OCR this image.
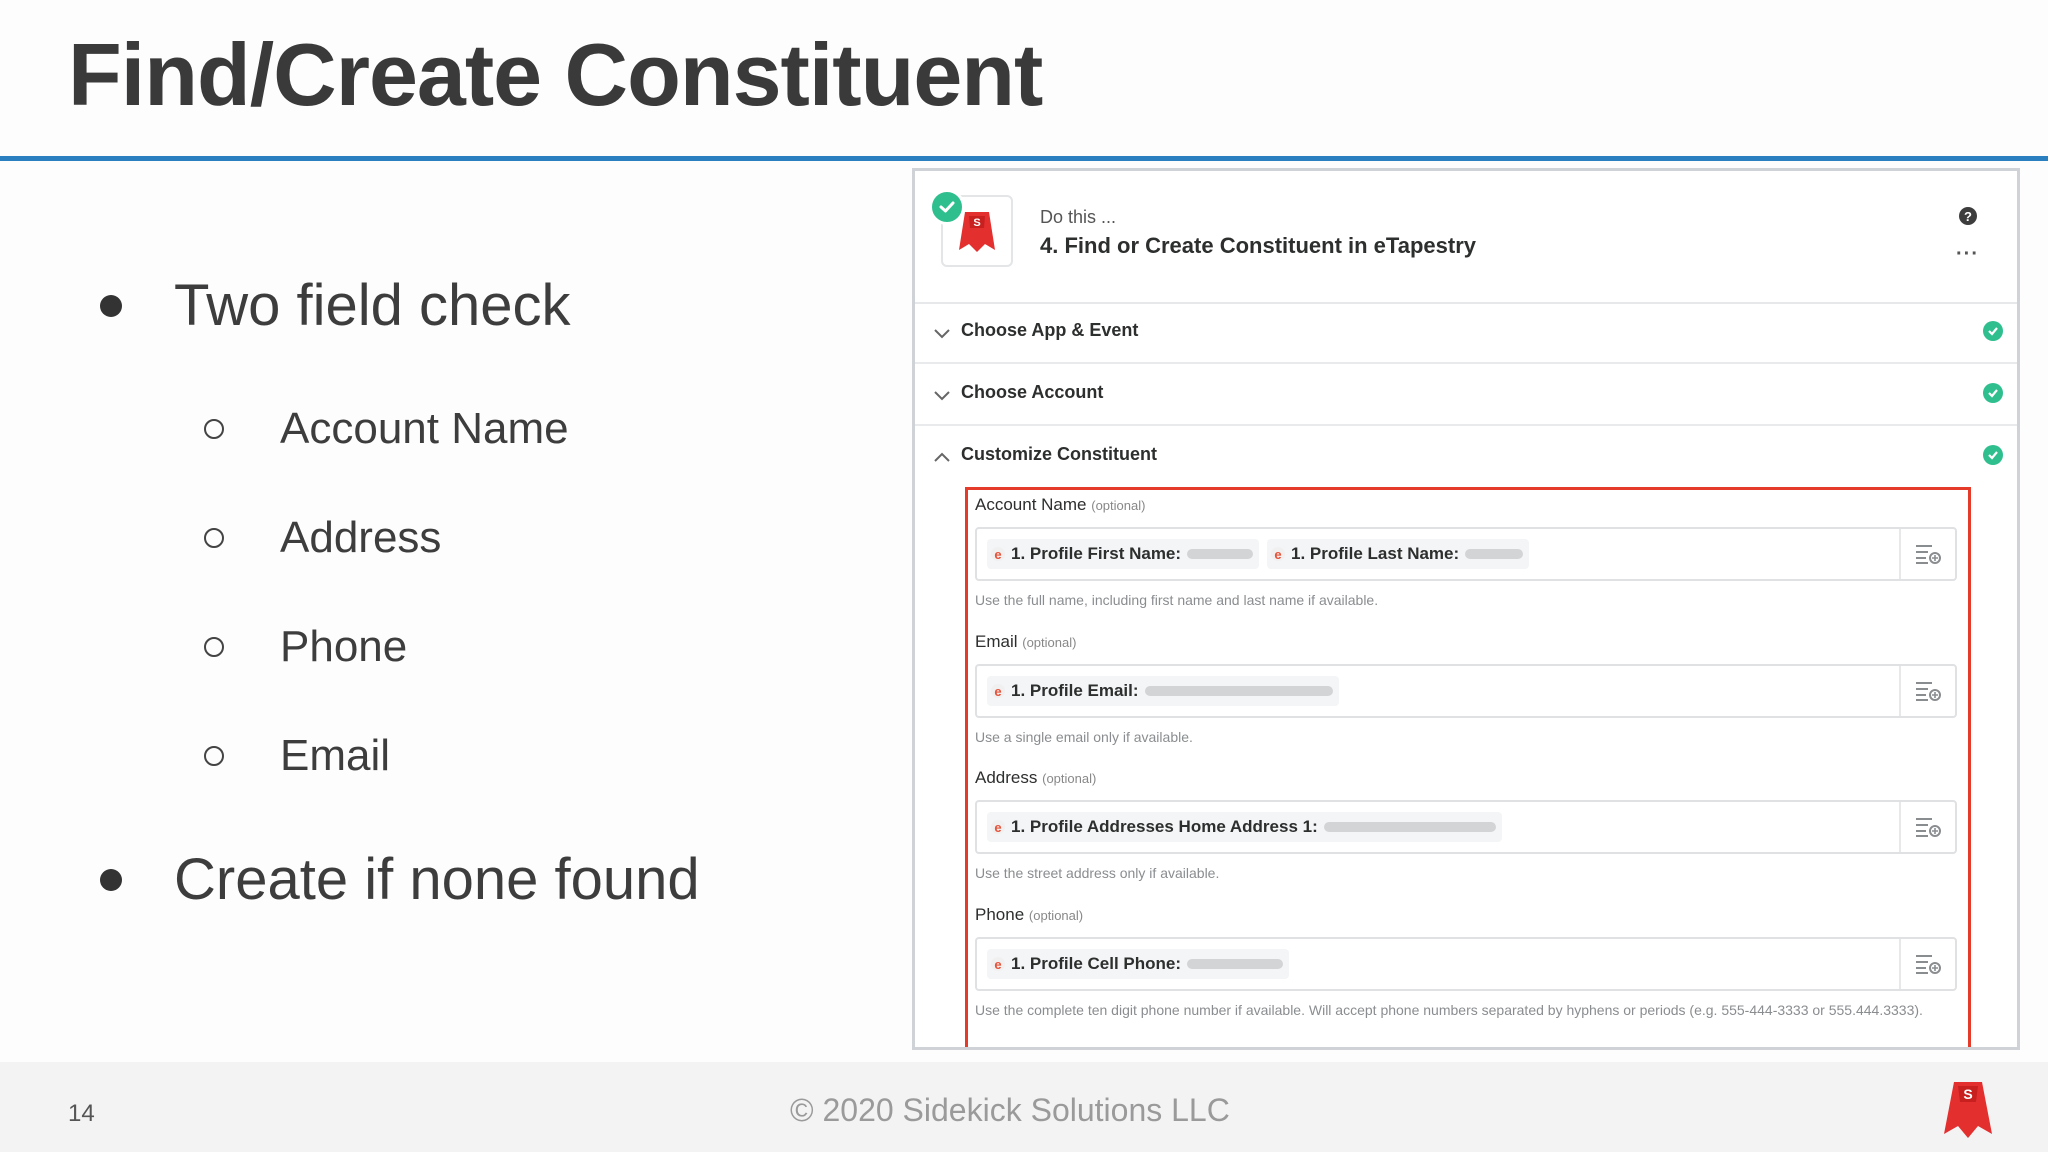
Find/Create Constituent
Two field check
Account Name
Address
Phone
Email
Create if none found
S	Do this ...
4. Find or Create Constituent in eTapestry
?
···
Choose App & Event
Choose Account
Customize Constituent
Account Name (optional)
e 1. Profile First Name:	e 1. Profile Last Name:
Use the full name, including first name and last name if available.
Email (optional)
e 1. Profile Email:
Use a single email only if available.
Address (optional)
e 1. Profile Addresses Home Address 1:
Use the street address only if available.
Phone (optional)
e 1. Profile Cell Phone:
Use the complete ten digit phone number if available. Will accept phone numbers separated by hyphens or periods (e.g. 555-444-3333 or 555.444.3333).
14	© 2020 Sidekick Solutions LLC	S
